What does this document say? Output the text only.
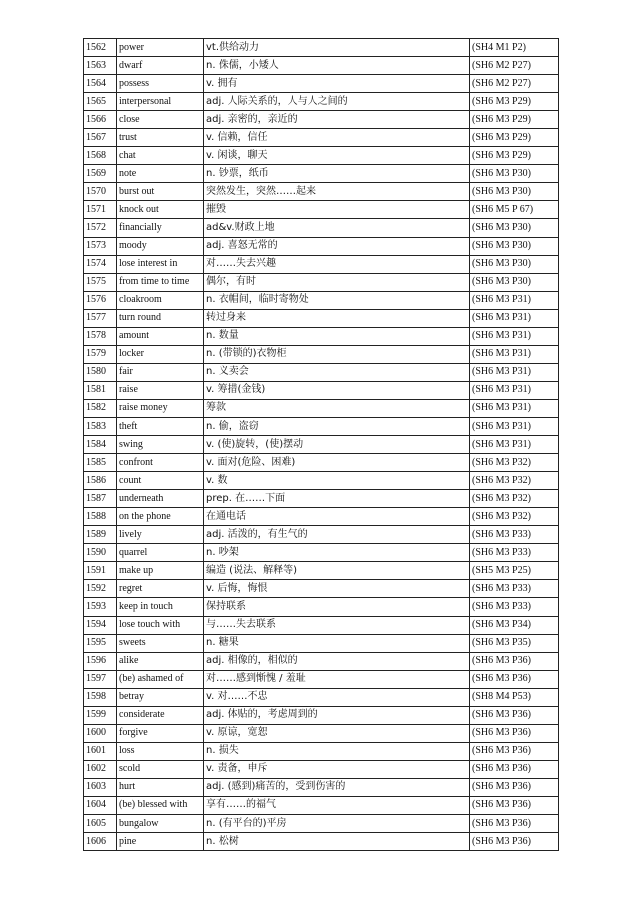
1562	power	vt.供给动力	(SH4 M1 P2)
1563	dwarf	n. 侏儒，小矮人	(SH6 M2 P27)
1564	possess	v. 拥有	(SH6 M2 P27)
1565	interpersonal	adj. 人际关系的，人与人之间的	(SH6 M3 P29)
1566	close	adj. 亲密的，亲近的	(SH6 M3 P29)
1567	trust	v. 信赖，信任	(SH6 M3 P29)
1568	chat	v. 闲谈，聊天	(SH6 M3 P29)
1569	note	n. 钞票，纸币	(SH6 M3 P30)
1570	burst out	突然发生，突然……起来	(SH6 M3 P30)
1571	knock out	摧毁	(SH6 M5 P 67)
1572	financially	ad&v.财政上地	(SH6 M3 P30)
1573	moody	adj. 喜怒无常的	(SH6 M3 P30)
1574	lose interest in	对……失去兴趣	(SH6 M3 P30)
1575	from time to time	偶尔，有时	(SH6 M3 P30)
1576	cloakroom	n. 衣帽间，临时寄物处	(SH6 M3 P31)
1577	turn round	转过身来	(SH6 M3 P31)
1578	amount	n. 数量	(SH6 M3 P31)
1579	locker	n. (带锁的)衣物柜	(SH6 M3 P31)
1580	fair	n. 义卖会	(SH6 M3 P31)
1581	raise	v. 筹措(金钱)	(SH6 M3 P31)
1582	raise money	筹款	(SH6 M3 P31)
1583	theft	n. 偷，盗窃	(SH6 M3 P31)
1584	swing	v. (使)旋转，(使)摆动	(SH6 M3 P31)
1585	confront	v. 面对(危险、困难)	(SH6 M3 P32)
1586	count	v. 数	(SH6 M3 P32)
1587	underneath	prep. 在……下面	(SH6 M3 P32)
1588	on the phone	在通电话	(SH6 M3 P32)
1589	lively	adj. 活泼的，有生气的	(SH6 M3 P33)
1590	quarrel	n. 吵架	(SH6 M3 P33)
1591	make up	编造 (说法、解释等)	(SH5 M3 P25)
1592	regret	v. 后悔，悔恨	(SH6 M3 P33)
1593	keep in touch	保持联系	(SH6 M3 P33)
1594	lose touch with	与……失去联系	(SH6 M3 P34)
1595	sweets	n. 糖果	(SH6 M3 P35)
1596	alike	adj. 相像的，相似的	(SH6 M3 P36)
1597	(be) ashamed of	对……感到惭愧 / 羞耻	(SH6 M3 P36)
1598	betray	v. 对……不忠	(SH8 M4 P53)
1599	considerate	adj. 体贴的，考虑周到的	(SH6 M3 P36)
1600	forgive	v. 原谅，宽恕	(SH6 M3 P36)
1601	loss	n. 损失	(SH6 M3 P36)
1602	scold	v. 责备，申斥	(SH6 M3 P36)
1603	hurt	adj. (感到)痛苦的，受到伤害的	(SH6 M3 P36)
1604	(be) blessed with	享有……的福气	(SH6 M3 P36)
1605	bungalow	n. (有平台的)平房	(SH6 M3 P36)
1606	pine	n. 松树	(SH6 M3 P36)
